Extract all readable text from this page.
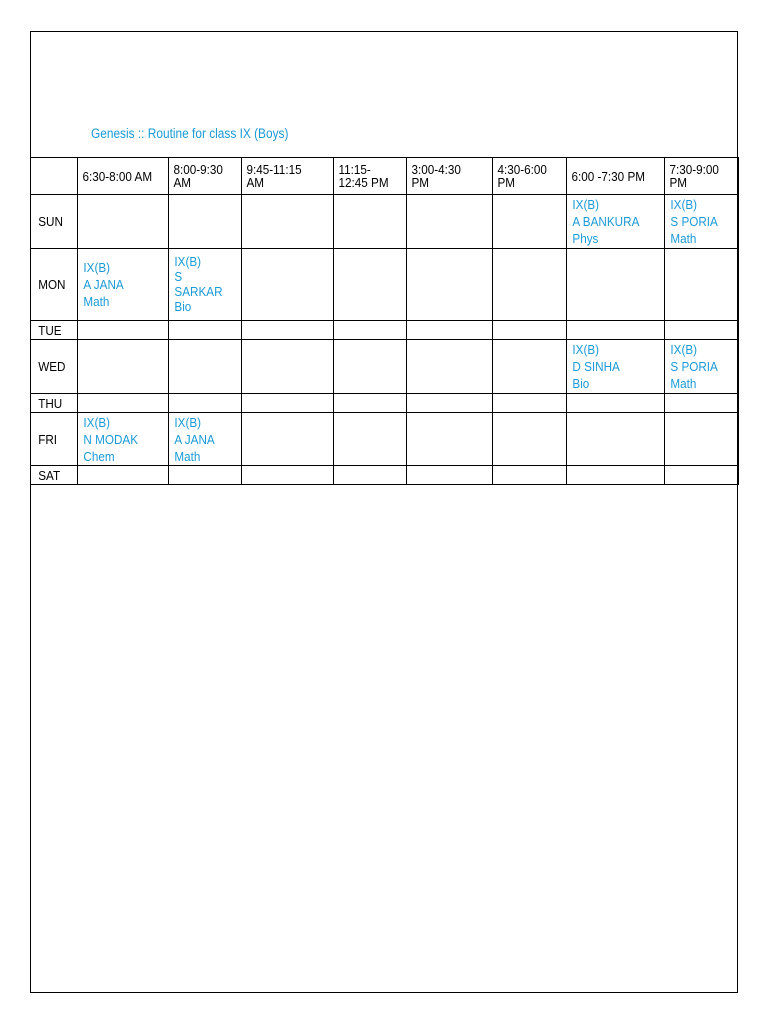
Genesis :: Routine for class IX (Boys)

	6:30-8:00 AM	8:00-9:30
AM	9:45-11:15
AM	11:15-
12:45 PM	3:00-4:30
PM	4:30-6:00
PM	6:00 -7:30 PM	7:30-9:00
PM

SUN							IX(B)
A BANKURA
Phys	IX(B)
S PORIA
Math

MON	IX(B)
A JANA
Math	IX(B)
S
SARKAR
Bio						

TUE								

WED							IX(B)
D SINHA
Bio	IX(B)
S PORIA
Math

THU								

FRI	IX(B)
N MODAK
Chem	IX(B)
A JANA
Math						

SAT								
